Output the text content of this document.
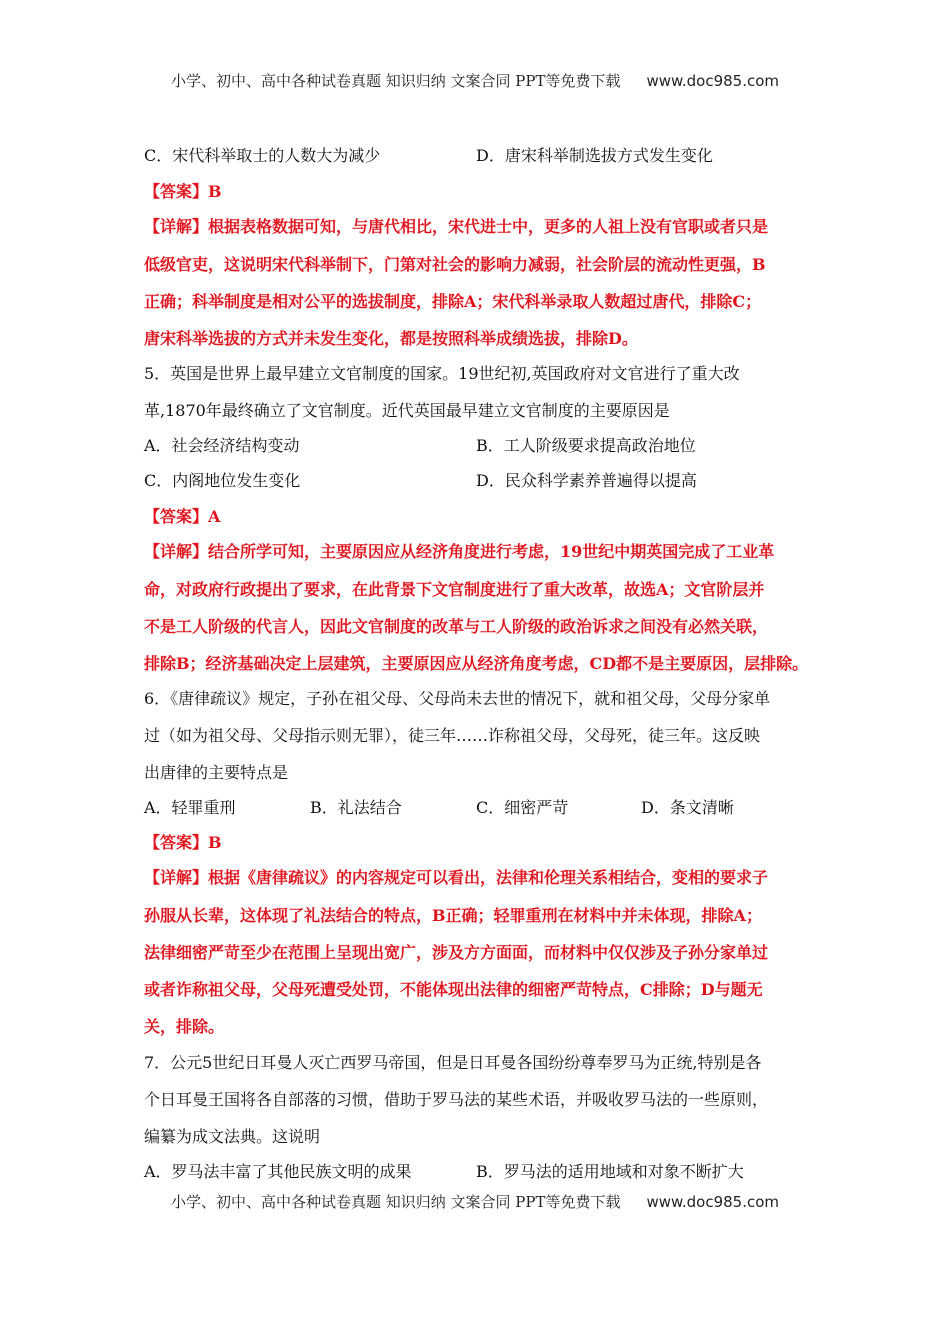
小学、初中、高中各种试卷真题 知识归纳 文案合同 PPT等免费下载 www.doc985.com
C．宋代科举取士的人数大为减少	D．唐宋科举制选拔方式发生变化
【答案】B
【详解】根据表格数据可知，与唐代相比，宋代进士中，更多的人祖上没有官职或者只是
低级官吏，这说明宋代科举制下，门第对社会的影响力减弱，社会阶层的流动性更强，B
正确；科举制度是相对公平的选拔制度，排除A；宋代科举录取人数超过唐代，排除C；
唐宋科举选拔的方式并未发生变化，都是按照科举成绩选拔，排除D。
5．英国是世界上最早建立文官制度的国家。19世纪初,英国政府对文官进行了重大改
革,1870年最终确立了文官制度。近代英国最早建立文官制度的主要原因是
A．社会经济结构变动	B．工人阶级要求提高政治地位
C．内阁地位发生变化	D．民众科学素养普遍得以提高
【答案】A
【详解】结合所学可知，主要原因应从经济角度进行考虑，19世纪中期英国完成了工业革
命，对政府行政提出了要求，在此背景下文官制度进行了重大改革，故选A；文官阶层并
不是工人阶级的代言人，因此文官制度的改革与工人阶级的政治诉求之间没有必然关联，
排除B；经济基础决定上层建筑，主要原因应从经济角度考虑，CD都不是主要原因，层排除。
6．《唐律疏议》规定，子孙在祖父母、父母尚未去世的情况下，就和祖父母，父母分家单
过（如为祖父母、父母指示则无罪），徒三年……诈称祖父母，父母死，徒三年。这反映
出唐律的主要特点是
A．轻罪重刑	B．礼法结合	C．细密严苛	D．条文清晰
【答案】B
【详解】根据《唐律疏议》的内容规定可以看出，法律和伦理关系相结合，变相的要求子
孙服从长辈，这体现了礼法结合的特点，B正确；轻罪重刑在材料中并未体现，排除A；
法律细密严苛至少在范围上呈现出宽广，涉及方方面面，而材料中仅仅涉及子孙分家单过
或者诈称祖父母，父母死遭受处罚，不能体现出法律的细密严苛特点，C排除；D与题无
关，排除。
7．公元5世纪日耳曼人灭亡西罗马帝国，但是日耳曼各国纷纷尊奉罗马为正统,特别是各
个日耳曼王国将各自部落的习惯，借助于罗马法的某些术语，并吸收罗马法的一些原则，
编纂为成文法典。这说明
A．罗马法丰富了其他民族文明的成果	B．罗马法的适用地域和对象不断扩大
小学、初中、高中各种试卷真题 知识归纳 文案合同 PPT等免费下载 www.doc985.com
